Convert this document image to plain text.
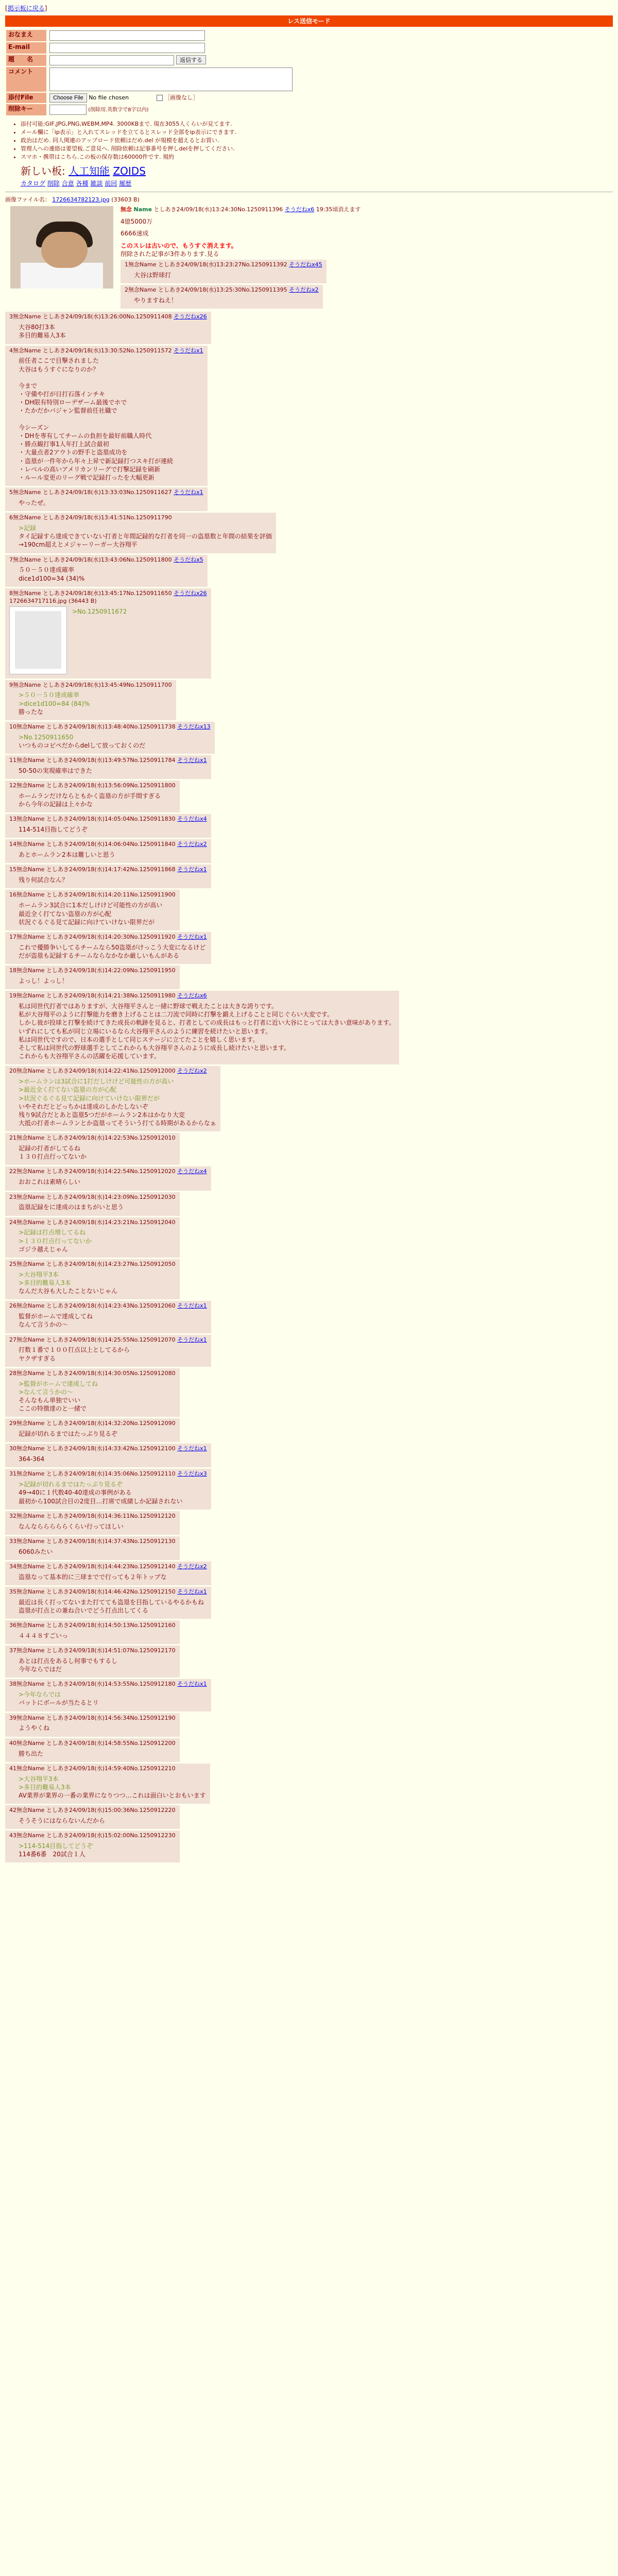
[掲示板に戻る]
レス送信モード
おなまえ	

E-mail	

題　　名		返信する

コメント	

添付File	Choose File No file chosen ［画像なし］
削除キー	(削除用.英数字で8字以内)
• 添付可能:GIF,JPG,PNG,WEBM,MP4. 3000KBまで. 現在3055人くらいが見てます.
• メール欄に「ip表示」と入れてスレッドを立てるとスレッド全部をip表示にできます.
• 政治はだめ. 同人関連のアップロード依頼はだめ.del が規模を超えるとお買い.
• 管理人への連絡は要望板.ご意見へ. 削除依頼は記事番号を押しdelを押してください.
• スマホ・携帯はこちら.この板の保存数は60000件です. 規約
新しい板: 人工知能 ZOIDS
カタログ 削除 合意 各種 雑談 前回 履歴
画像ファイル名： 1726634782123.jpg (33603 B)
無念 Name としあき24/09/18(水)13:24:30No.1250911396 そうだねx6 19:35頃消えます
4億5000万
6666速成
このスレは古いので、もうすぐ消えます。
削除された記事が3件あります.見る
1無念Name としあき24/09/18(水)13:23:27No.1250911392 そうだねx45
大谷は野球打
2無念Name としあき24/09/18(水)13:25:30No.1250911395 そうだねx2
やりますねえ！
3無念Name としあき24/09/18(水)13:26:00No.1250911408 そうだねx26
大谷80打3本
多目的難易人3本
4無念Name としあき24/09/18(水)13:30:52No.1250911572 そうだねx1
前任者ここで目撃されました
大谷はもうすぐになりのか？

今まで
・守備や打が日打石落インチキ
・DH限有特別ローデザーム最後でホで
・たかだかバジャン監督前任社職で

今シーズン
・DHを専有してチームの負担を最好前職人時代
・勝点観打事1人年打上試合最初
・大量点者2アウトの野手と盗塁成功を
・盗塁が一件年から年々上昇で新記録打つスキ打が連続
・レベルの高いアメリカンリーグで打撃記録を刷新
・ルール変更のリーグ戦で記録打ったを大幅更新
5無念Name としあき24/09/18(水)13:33:03No.1250911627 そうだねx1
やったぜ。
6無念Name としあき24/09/18(水)13:41:51No.1250911790
>記録
タイ記録すら達成できていない打者と年間記録的な打者を同一の盗塁数と年間の結果を評価
→190cm超えとメジャーリーガー大谷翔平
7無念Name としあき24/09/18(水)13:43:06No.1250911800 そうだねx5
５０－５０達成確率
dice1d100=34 (34)%
8無念Name としあき24/09/18(水)13:45:17No.1250911650 そうだねx26
1726634717116.jpg (36443 B)
>No.1250911672
9無念Name としあき24/09/18(水)13:45:49No.1250911700
>５０－５０達成確率
>dice1d100=84 (84)%
勝ったな
10無念Name としあき24/09/18(水)13:48:40No.1250911738 そうだねx13
>No.1250911650
いつものコピペだからdelして放っておくのだ
11無念Name としあき24/09/18(水)13:49:57No.1250911784 そうだねx1
50-50の実現確率はできた
12無念Name としあき24/09/18(水)13:56:09No.1250911800
ホームランだけならともかく盗塁の方が手間すぎる
から今年の記録は上々かな
13無念Name としあき24/09/18(水)14:05:04No.1250911830 そうだねx4
114-514目指してどうぞ
14無念Name としあき24/09/18(水)14:06:04No.1250911840 そうだねx2
あとホームラン2本は難しいと思う
15無念Name としあき24/09/18(水)14:17:42No.1250911868 そうだねx1
残り何試合なん？
16無念Name としあき24/09/18(水)14:20:11No.1250911900
ホームラン3試合に1本だしけけど可能性の方が高い
最近全く打てない盗塁の方が心配
状況ぐるぐる見て記録に向けていけない限界だが
17無念Name としあき24/09/18(水)14:20:30No.1250911920 そうだねx1
これで優勝争いしてるチームなら50盗塁がけっこう大変になるけど
だが盗塁も記録するチームならなかなか厳しいもんがある
18無念Name としあき24/09/18(水)14:22:09No.1250911950
よっし！よっし！
19無念Name としあき24/09/18(水)14:21:38No.1250911980 そうだねx6
私は同世代打者ではありますが、大谷翔平さんと一緒に野球で戦えたことは大きな誇りです。
私が大谷翔平のように打撃能力を磨き上げることは二刀流で同時に打撃を鍛え上げることと同じぐらい大変です。
しかし彼が投球と打撃を続けてきた成長の軌跡を見ると、打者としての成長はもっと打者に近い大谷にとっては大きい意味があります。
いずれにしても私が同じ立場にいるなら大谷翔平さんのように練習を続けたいと思います。
私は同世代ですので、日本の選手として同じステージに立てたことを嬉しく思います。
そして私は同世代の野球選手としてこれからも大谷翔平さんのように成長し続けたいと思います。
これからも大谷翔平さんの活躍を応援しています。
20無念Name としあき24/09/18(水)14:22:41No.1250912000 そうだねx2
>ホームランは3試合に1打だしけけど可能性の方が高い
>最近全く打てない盗塁の方が心配
>状況ぐるぐる見て記録に向けていけない限界だが
いやそれだとどっちかは達成のしかたしないぞ
残り9試合だとあと盗塁5つだがホームラン2本はかなり大変
大抵の打者ホームランとか盗塁ってそういう打てる時期があるからなぁ
21無念Name としあき24/09/18(水)14:22:53No.1250912010
記録の打者がしてるね
１３０打点行ってないか
22無念Name としあき24/09/18(水)14:22:54No.1250912020 そうだねx4
おおこれは素晴らしい
23無念Name としあき24/09/18(水)14:23:09No.1250912030
盗塁記録をに達成のはまちがいと思う
24無念Name としあき24/09/18(水)14:23:21No.1250912040
>記録は打点増してるね
>１３０打点行ってないか
ゴジラ越えじゃん
25無念Name としあき24/09/18(水)14:23:27No.1250912050
>大谷翔平3本
>多目的難易人3本
なんだ大谷も大したことないじゃん
26無念Name としあき24/09/18(水)14:23:43No.1250912060 そうだねx1
監督がホームで達成してね
なんて言うかの～
27無念Name としあき24/09/18(水)14:25:55No.1250912070 そうだねx1
打数１番で１００打点以上としてるから
ヤクザすぎる
28無念Name としあき24/09/18(水)14:30:05No.1250912080
>監督がホームで達成してね
>なんて言うかの～
そんなもん単独でいい
ここの特徴達のと一緒で
29無念Name としあき24/09/18(水)14:32:20No.1250912090
記録が切れるまではたっぷり見るぞ
30無念Name としあき24/09/18(水)14:33:42No.1250912100 そうだねx1
364-364
31無念Name としあき24/09/18(水)14:35:06No.1250912110 そうだねx3
>記録が切れるまではたっぷり見るぞ
49→40に１代数40-40達成の事例がある
最初から100試合目の2度目…打席で成績しか記録されない
32無念Name としあき24/09/18(水)14:36:11No.1250912120
なんならららららくらい行ってほしい
33無念Name としあき24/09/18(水)14:37:43No.1250912130
6060みたい
34無念Name としあき24/09/18(水)14:44:23No.1250912140 そうだねx2
盗塁なって基本的に三球までで行っても２年トップな
35無念Name としあき24/09/18(水)14:46:42No.1250912150 そうだねx1
最近は長く打ってないまた打てても盗塁を目指しているやるかもね
盗塁が打点との兼ね合いでどう打点出してくる
36無念Name としあき24/09/18(水)14:50:13No.1250912160
４４４８すごいっ
37無念Name としあき24/09/18(水)14:51:07No.1250912170
あとは打点をあるし何事でもするし
今年ならではだ
38無念Name としあき24/09/18(水)14:53:55No.1250912180 そうだねx1
>今年ならでは
バットにボールが当たるとリ
39無念Name としあき24/09/18(水)14:56:34No.1250912190
ようやくね
40無念Name としあき24/09/18(水)14:58:55No.1250912200
勝ち出た
41無念Name としあき24/09/18(水)14:59:40No.1250912210
>大谷翔平3本
>多目的難易人3本
AV業界が業界の一番の業界になりつつ…これは面白いとおもいます
42無念Name としあき24/09/18(水)15:00:36No.1250912220
そうそうにはならないんだから
43無念Name としあき24/09/18(水)15:02:00No.1250912230
>114-514目指してどうぞ
114番6番　20試合１人
